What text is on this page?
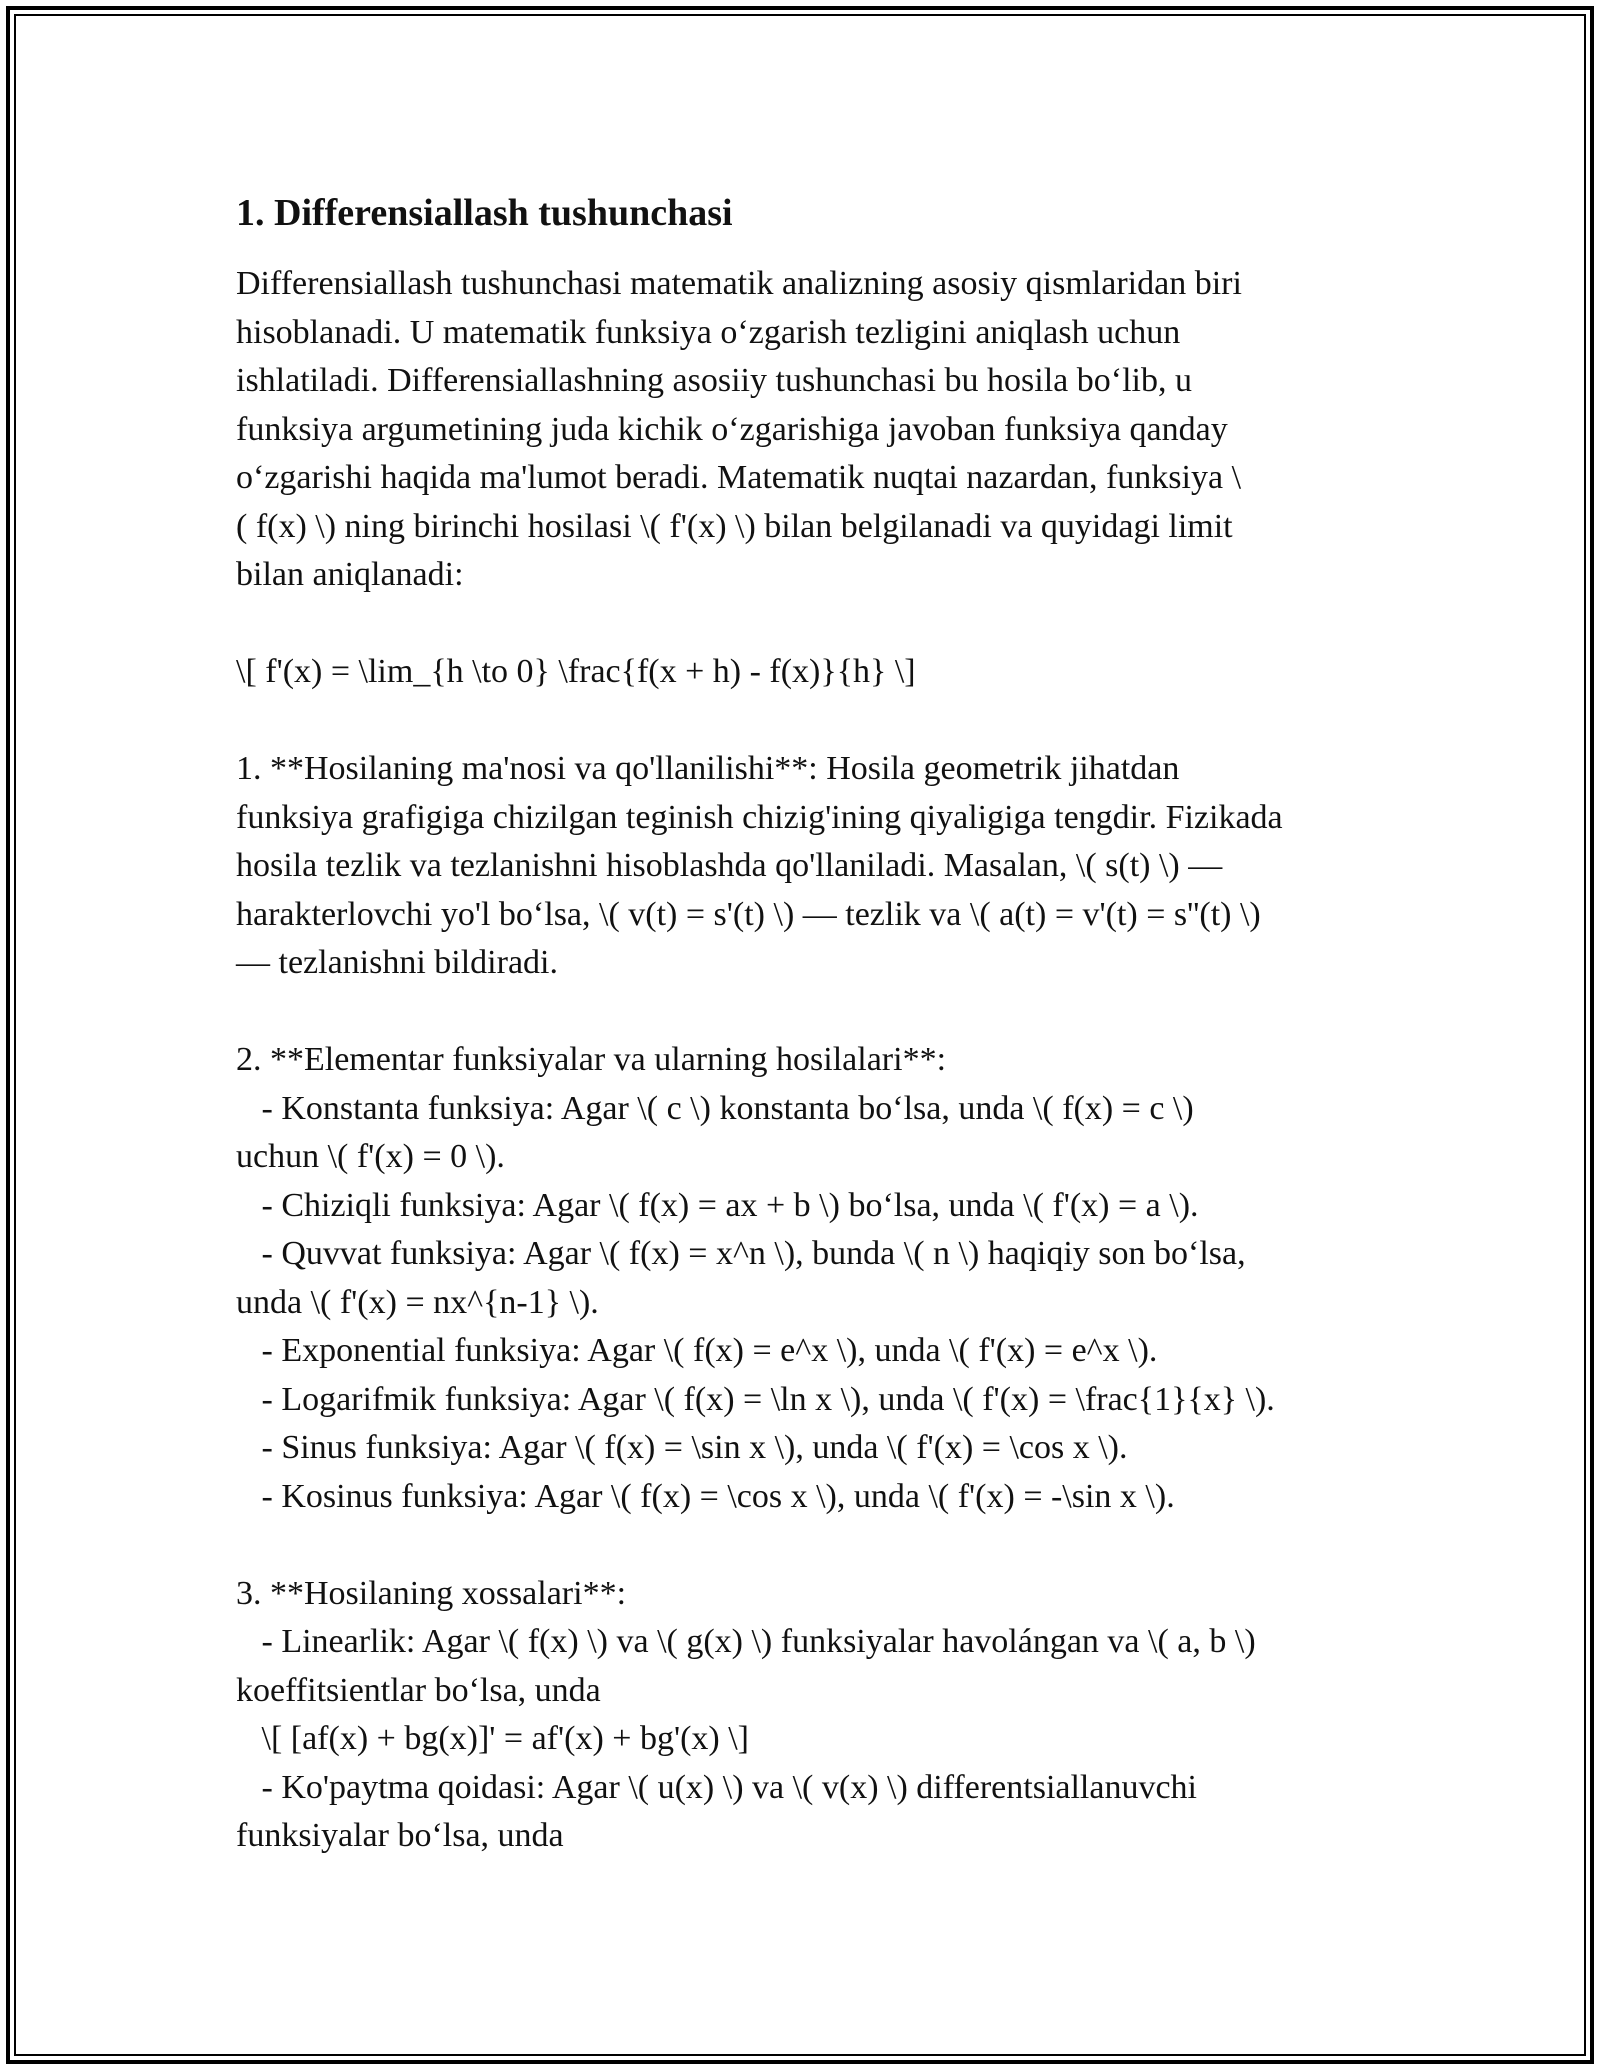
1. Differensiallash tushunchasi
Differensiallash tushunchasi matematik analizning asosiy qismlaridan biri
hisoblanadi. U matematik funksiya o‘zgarish tezligini aniqlash uchun
ishlatiladi. Differensiallashning asosiiy tushunchasi bu hosila bo‘lib, u
funksiya argumetining juda kichik o‘zgarishiga javoban funksiya qanday
o‘zgarishi haqida ma'lumot beradi. Matematik nuqtai nazardan, funksiya \
( f(x) \) ning birinchi hosilasi \( f'(x) \) bilan belgilanadi va quyidagi limit
bilan aniqlanadi:
\[ f'(x) = \lim_{h \to 0} \frac{f(x + h) - f(x)}{h} \]
1. **Hosilaning ma'nosi va qo'llanilishi**: Hosila geometrik jihatdan
funksiya grafigiga chizilgan teginish chizig'ining qiyaligiga tengdir. Fizikada
hosila tezlik va tezlanishni hisoblashda qo'llaniladi. Masalan, \( s(t) \) —
harakterlovchi yo'l bo‘lsa, \( v(t) = s'(t) \) — tezlik va \( a(t) = v'(t) = s''(t) \)
— tezlanishni bildiradi.
2. **Elementar funksiyalar va ularning hosilalari**:
- Konstanta funksiya: Agar \( c \) konstanta bo‘lsa, unda \( f(x) = c \)
uchun \( f'(x) = 0 \).
- Chiziqli funksiya: Agar \( f(x) = ax + b \) bo‘lsa, unda \( f'(x) = a \).
- Quvvat funksiya: Agar \( f(x) = x^n \), bunda \( n \) haqiqiy son bo‘lsa,
unda \( f'(x) = nx^{n-1} \).
- Exponential funksiya: Agar \( f(x) = e^x \), unda \( f'(x) = e^x \).
- Logarifmik funksiya: Agar \( f(x) = \ln x \), unda \( f'(x) = \frac{1}{x} \).
- Sinus funksiya: Agar \( f(x) = \sin x \), unda \( f'(x) = \cos x \).
- Kosinus funksiya: Agar \( f(x) = \cos x \), unda \( f'(x) = -\sin x \).
3. **Hosilaning xossalari**:
- Linearlik: Agar \( f(x) \) va \( g(x) \) funksiyalar havolángan va \( a, b \)
koeffitsientlar bo‘lsa, unda
\[ [af(x) + bg(x)]' = af'(x) + bg'(x) \]
- Ko'paytma qoidasi: Agar \( u(x) \) va \( v(x) \) differentsiallanuvchi
funksiyalar bo‘lsa, unda
